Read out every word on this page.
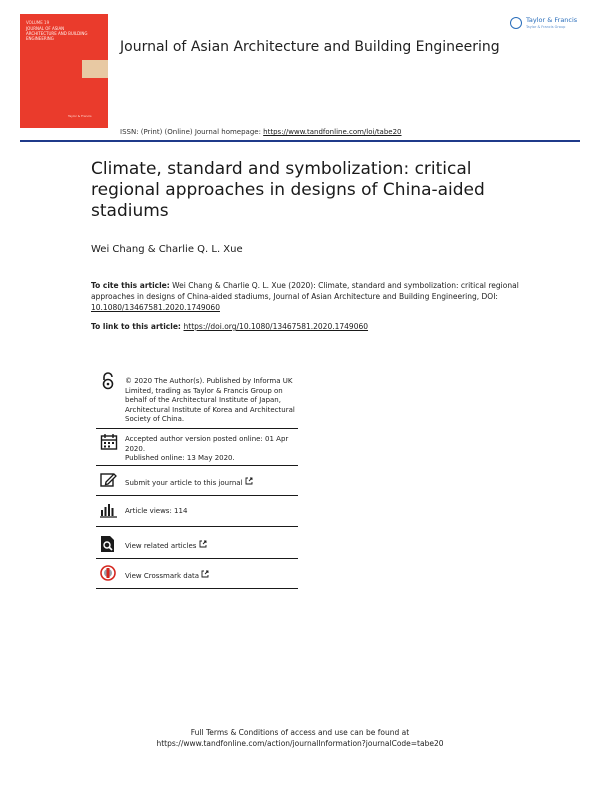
VOLUME 19
JOURNAL OF ASIAN ARCHITECTURE AND BUILDING ENGINEERING
Taylor & Francis
Journal of Asian Architecture and Building Engineering
ISSN: (Print) (Online) Journal homepage: https://www.tandfonline.com/loi/tabe20
Taylor & Francis
Taylor & Francis Group
Climate, standard and symbolization: critical regional approaches in designs of China-aided stadiums
Wei Chang & Charlie Q. L. Xue
To cite this article: Wei Chang & Charlie Q. L. Xue (2020): Climate, standard and symbolization: critical regional approaches in designs of China-aided stadiums, Journal of Asian Architecture and Building Engineering, DOI: 10.1080/13467581.2020.1749060
To link to this article: https://doi.org/10.1080/13467581.2020.1749060
© 2020 The Author(s). Published by Informa UK Limited, trading as Taylor & Francis Group on behalf of the Architectural Institute of Japan, Architectural Institute of Korea and Architectural Society of China.
Accepted author version posted online: 01 Apr 2020.
Published online: 13 May 2020.
Submit your article to this journal
Article views: 114
View related articles
View Crossmark data
Full Terms & Conditions of access and use can be found at
https://www.tandfonline.com/action/journalInformation?journalCode=tabe20
